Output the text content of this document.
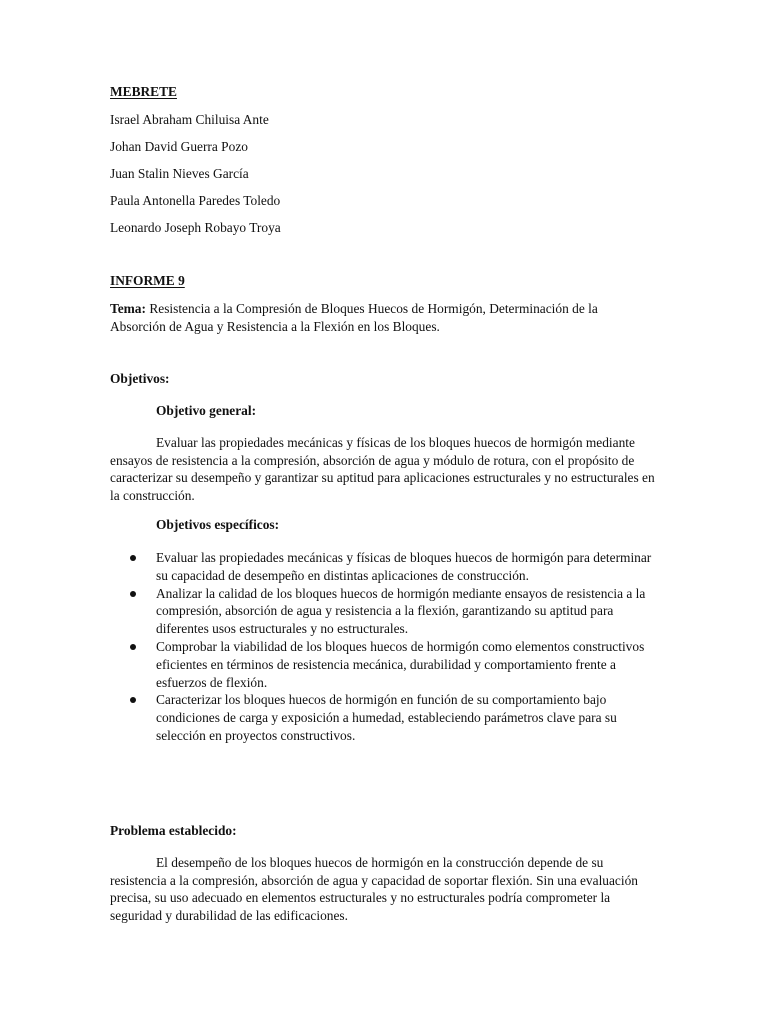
MEBRETE
Israel Abraham Chiluisa Ante
Johan David Guerra Pozo
Juan Stalin Nieves García
Paula Antonella Paredes Toledo
Leonardo Joseph Robayo Troya
INFORME 9
Tema: Resistencia a la Compresión de Bloques Huecos de Hormigón, Determinación de la Absorción de Agua y Resistencia a la Flexión en los Bloques.
Objetivos:
Objetivo general:
Evaluar las propiedades mecánicas y físicas de los bloques huecos de hormigón mediante ensayos de resistencia a la compresión, absorción de agua y módulo de rotura, con el propósito de caracterizar su desempeño y garantizar su aptitud para aplicaciones estructurales y no estructurales en la construcción.
Objetivos específicos:
Evaluar las propiedades mecánicas y físicas de bloques huecos de hormigón para determinar su capacidad de desempeño en distintas aplicaciones de construcción.
Analizar la calidad de los bloques huecos de hormigón mediante ensayos de resistencia a la compresión, absorción de agua y resistencia a la flexión, garantizando su aptitud para diferentes usos estructurales y no estructurales.
Comprobar la viabilidad de los bloques huecos de hormigón como elementos constructivos eficientes en términos de resistencia mecánica, durabilidad y comportamiento frente a esfuerzos de flexión.
Caracterizar los bloques huecos de hormigón en función de su comportamiento bajo condiciones de carga y exposición a humedad, estableciendo parámetros clave para su selección en proyectos constructivos.
Problema establecido:
El desempeño de los bloques huecos de hormigón en la construcción depende de su resistencia a la compresión, absorción de agua y capacidad de soportar flexión. Sin una evaluación precisa, su uso adecuado en elementos estructurales y no estructurales podría comprometer la seguridad y durabilidad de las edificaciones.
